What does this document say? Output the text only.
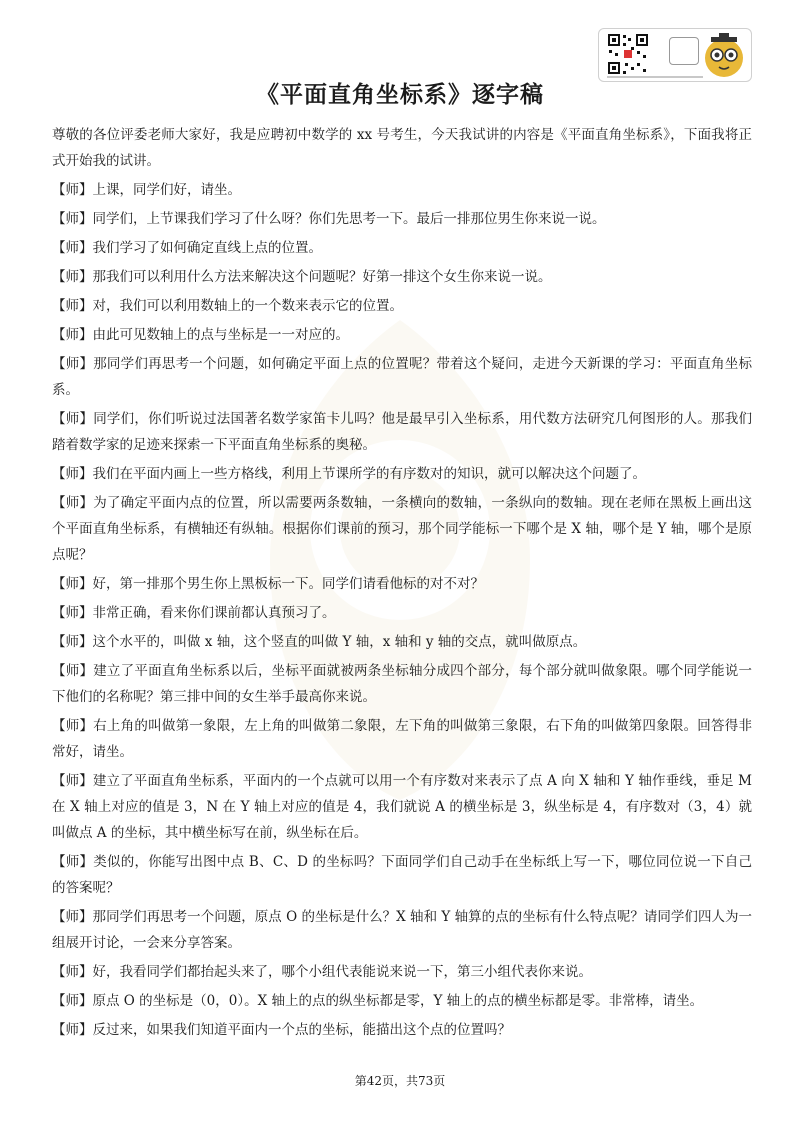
《平面直角坐标系》逐字稿

尊敬的各位评委老师大家好，我是应聘初中数学的 xx 号考生，今天我试讲的内容是《平面直角坐标系》，下面我将正式开始我的试讲。

【师】上课，同学们好，请坐。

【师】同学们，上节课我们学习了什么呀？你们先思考一下。最后一排那位男生你来说一说。

【师】我们学习了如何确定直线上点的位置。

【师】那我们可以利用什么方法来解决这个问题呢？好第一排这个女生你来说一说。

【师】对，我们可以利用数轴上的一个数来表示它的位置。

【师】由此可见数轴上的点与坐标是一一对应的。

【师】那同学们再思考一个问题，如何确定平面上点的位置呢？带着这个疑问，走进今天新课的学习：平面直角坐标系。

【师】同学们，你们听说过法国著名数学家笛卡儿吗？他是最早引入坐标系，用代数方法研究几何图形的人。那我们踏着数学家的足迹来探索一下平面直角坐标系的奥秘。

【师】我们在平面内画上一些方格线，利用上节课所学的有序数对的知识，就可以解决这个问题了。

【师】为了确定平面内点的位置，所以需要两条数轴，一条横向的数轴，一条纵向的数轴。现在老师在黑板上画出这个平面直角坐标系，有横轴还有纵轴。根据你们课前的预习，那个同学能标一下哪个是 X 轴，哪个是 Y 轴，哪个是原点呢？

【师】好，第一排那个男生你上黑板标一下。同学们请看他标的对不对？

【师】非常正确，看来你们课前都认真预习了。

【师】这个水平的，叫做 x 轴，这个竖直的叫做 Y 轴，x 轴和 y 轴的交点，就叫做原点。

【师】建立了平面直角坐标系以后，坐标平面就被两条坐标轴分成四个部分，每个部分就叫做象限。哪个同学能说一下他们的名称呢？第三排中间的女生举手最高你来说。

【师】右上角的叫做第一象限，左上角的叫做第二象限，左下角的叫做第三象限，右下角的叫做第四象限。回答得非常好，请坐。

【师】建立了平面直角坐标系，平面内的一个点就可以用一个有序数对来表示了点 A 向 X 轴和 Y 轴作垂线，垂足 M 在 X 轴上对应的值是 3，N 在 Y 轴上对应的值是 4，我们就说 A 的横坐标是 3，纵坐标是 4，有序数对（3，4）就叫做点 A 的坐标，其中横坐标写在前，纵坐标在后。

【师】类似的，你能写出图中点 B、C、D 的坐标吗？下面同学们自己动手在坐标纸上写一下，哪位同位说一下自己的答案呢？

【师】那同学们再思考一个问题，原点 O 的坐标是什么？X 轴和 Y 轴算的点的坐标有什么特点呢？请同学们四人为一组展开讨论，一会来分享答案。

【师】好，我看同学们都抬起头来了，哪个小组代表能说来说一下，第三小组代表你来说。

【师】原点 O 的坐标是（0，0）。X 轴上的点的纵坐标都是零，Y 轴上的点的横坐标都是零。非常棒，请坐。

【师】反过来，如果我们知道平面内一个点的坐标，能描出这个点的位置吗？

第42页，共73页
